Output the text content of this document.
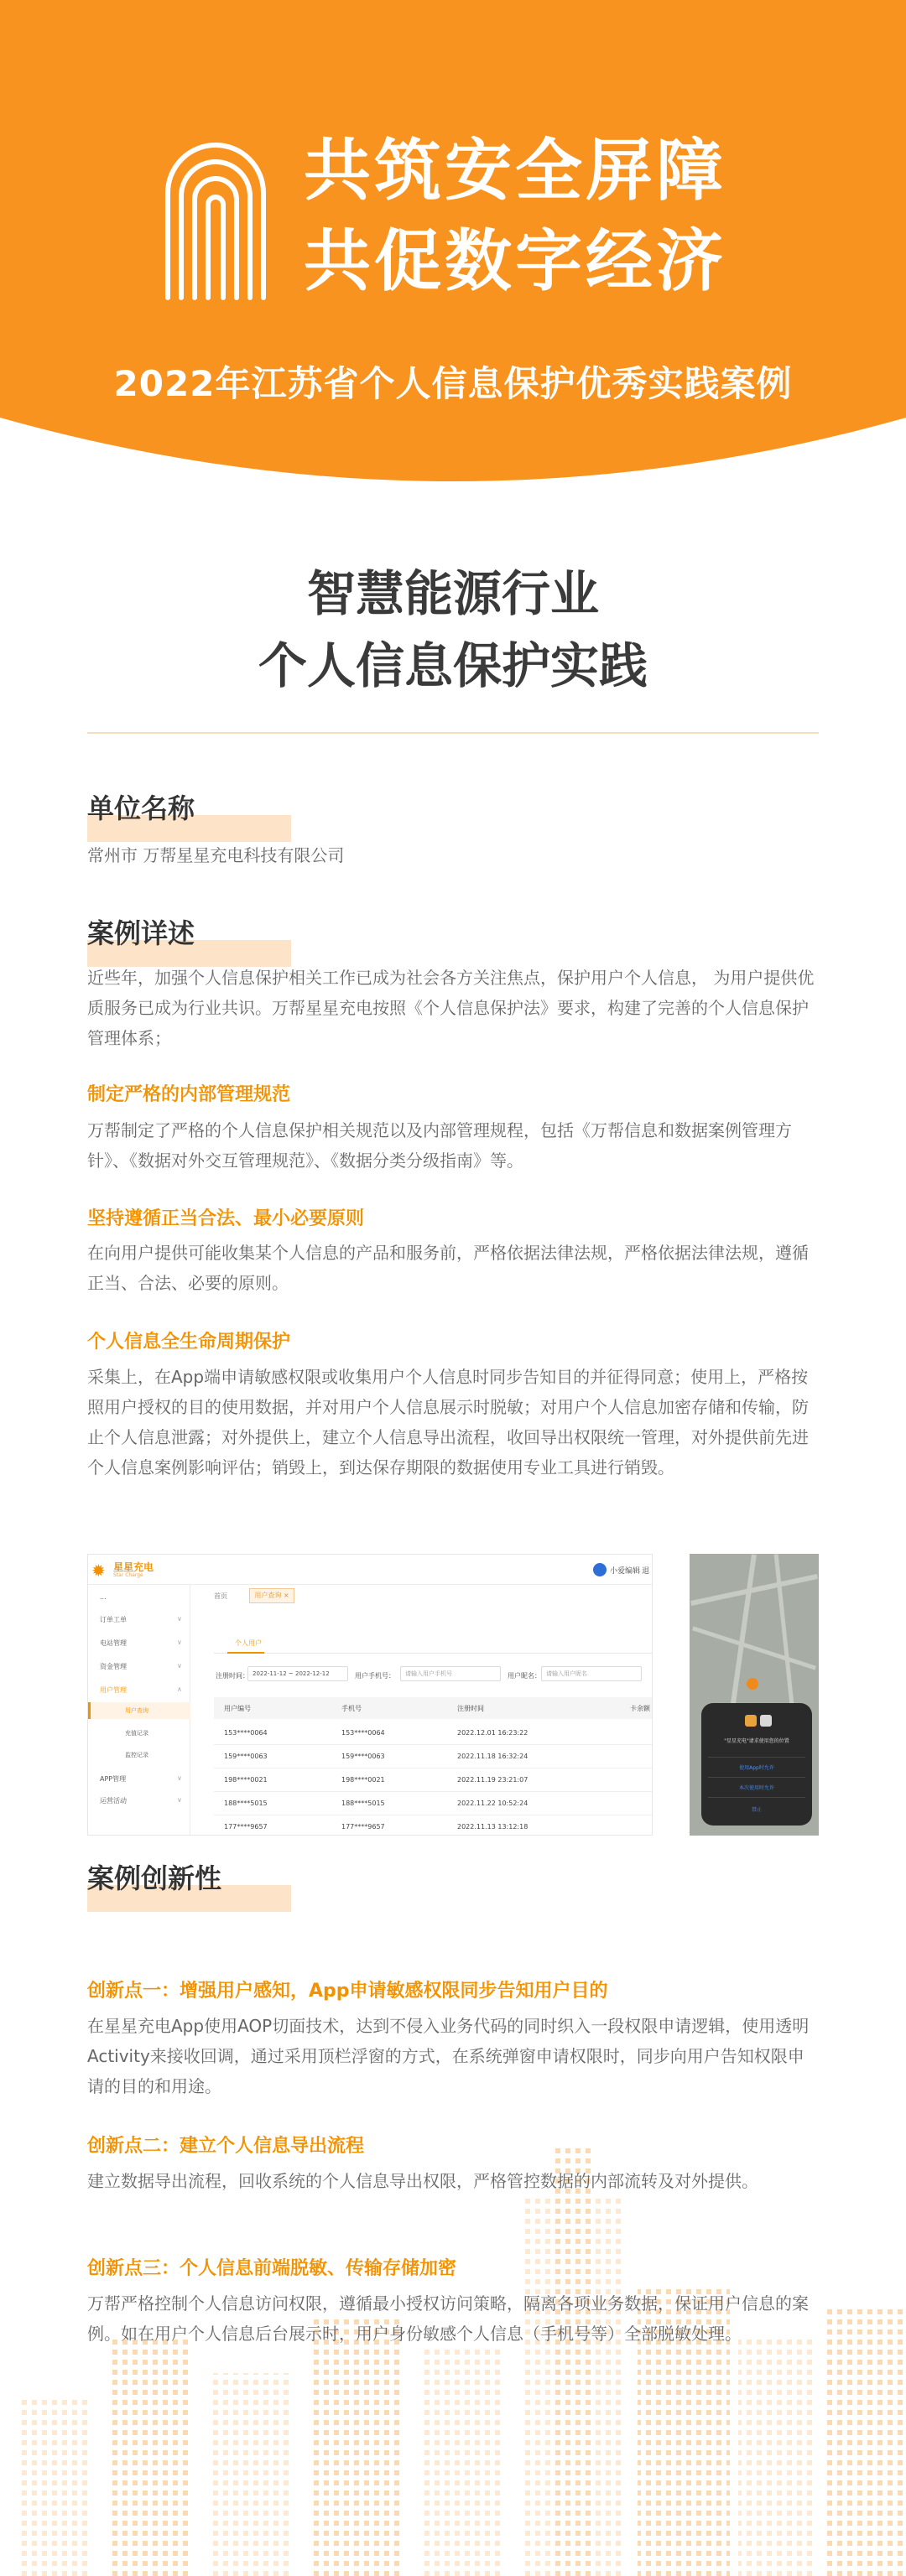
共筑安全屏障
共促数字经济
2022年江苏省个人信息保护优秀实践案例
智慧能源行业
个人信息保护实践
单位名称
常州市 万帮星星充电科技有限公司
案例详述
近些年，加强个人信息保护相关工作已成为社会各方关注焦点，保护用户个人信息， 为用户提供优质服务已成为行业共识。万帮星星充电按照《个人信息保护法》要求，构建了完善的个人信息保护管理体系；
制定严格的内部管理规范
万帮制定了严格的个人信息保护相关规范以及内部管理规程，包括《万帮信息和数据案例管理方针》、《数据对外交互管理规范》、《数据分类分级指南》等。
坚持遵循正当合法、最小必要原则
在向用户提供可能收集某个人信息的产品和服务前，严格依据法律法规，严格依据法律法规，遵循正当、合法、必要的原则。
个人信息全生命周期保护
采集上，在App端申请敏感权限或收集用户个人信息时同步告知目的并征得同意；使用上，严格按照用户授权的目的使用数据，并对用户个人信息展示时脱敏；对用户个人信息加密存储和传输，防止个人信息泄露；对外提供上，建立个人信息导出流程，收回导出权限统一管理，对外提供前先进个人信息案例影响评估；销毁上，到达保存期限的数据使用专业工具进行销毁。
✹ 星星充电
Star Charge	小爱编辑 退
...
订单工单	∨
电站管理	∨
资金管理	∨
用户管理	∧
用户查询
充值记录
监控记录
APP管理	∨
运营活动	∨
首页	用户查询 ×
个人用户
注册时间： 2022-11-12 ~ 2022-12-12	用户手机号：	请输入用户手机号	用户昵名： 请输入用户昵名
用户编号	手机号	注册时间	卡余额
153****0064	153****0064	2022.12.01 16:23:22
159****0063	159****0063	2022.11.18 16:32:24
198****0021	198****0021	2022.11.19 23:21:07
188****5015	188****5015	2022.11.22 10:52:24
177****9657	177****9657	2022.11.13 13:12:18
"星星充电"请求使用您的位置
使用App时允许
本次使用时允许
禁止
案例创新性
创新点一：增强用户感知，App申请敏感权限同步告知用户目的
在星星充电App使用AOP切面技术，达到不侵入业务代码的同时织入一段权限申请逻辑，使用透明Activity来接收回调，通过采用顶栏浮窗的方式，在系统弹窗申请权限时，同步向用户告知权限申请的目的和用途。
创新点二：建立个人信息导出流程
建立数据导出流程，回收系统的个人信息导出权限，严格管控数据的内部流转及对外提供。
创新点三：个人信息前端脱敏、传输存储加密
万帮严格控制个人信息访问权限，遵循最小授权访问策略，隔离各项业务数据，保证用户信息的案例。如在用户个人信息后台展示时，用户身份敏感个人信息（手机号等）全部脱敏处理。
